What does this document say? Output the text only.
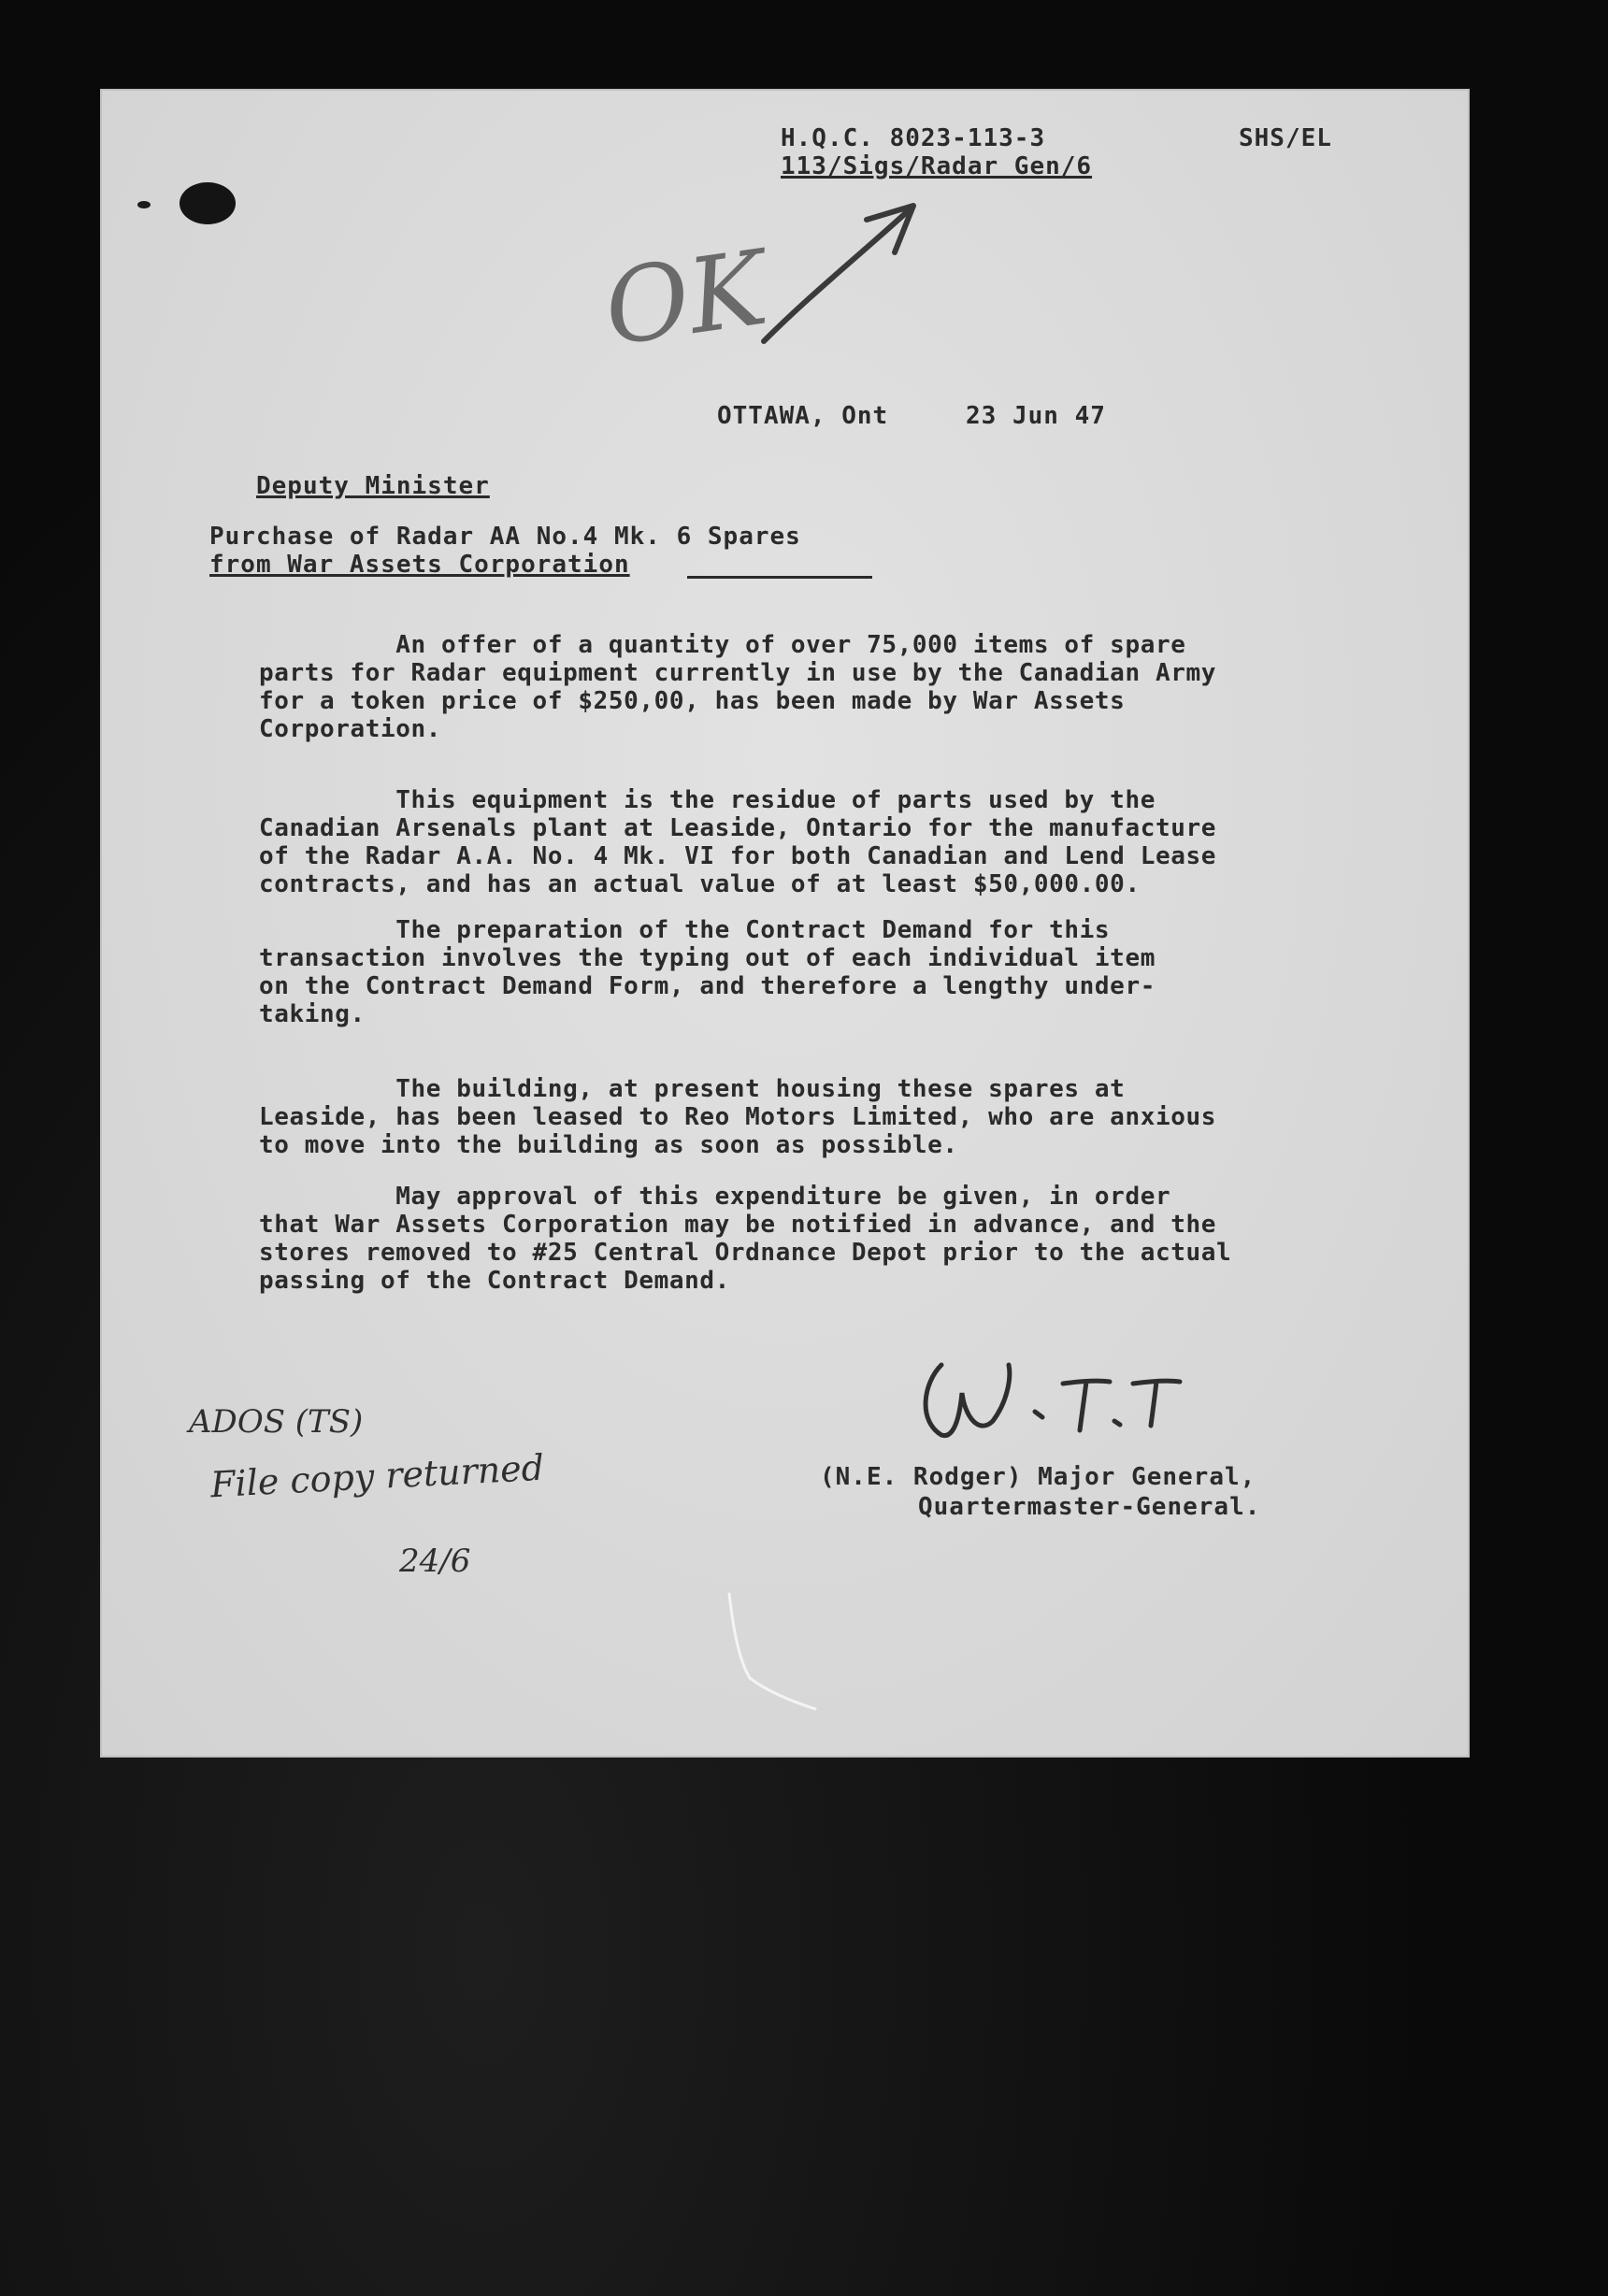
H.Q.C. 8023-113-3
113/Sigs/Radar Gen/6
SHS/EL
OK
OTTAWA, Ont	23 Jun 47
Deputy Minister
Purchase of Radar AA No.4 Mk. 6 Spares
from War Assets Corporation
An offer of a quantity of over 75,000 items of spare
parts for Radar equipment currently in use by the Canadian Army
for a token price of $250,00, has been made by War Assets
Corporation.
This equipment is the residue of parts used by the
Canadian Arsenals plant at Leaside, Ontario for the manufacture
of the Radar A.A. No. 4 Mk. VI for both Canadian and Lend Lease
contracts, and has an actual value of at least $50,000.00.
The preparation of the Contract Demand for this
transaction involves the typing out of each individual item
on the Contract Demand Form, and therefore a lengthy under-
taking.
The building, at present housing these spares at
Leaside, has been leased to Reo Motors Limited, who are anxious
to move into the building as soon as possible.
May approval of this expenditure be given, in order
that War Assets Corporation may be notified in advance, and the
stores removed to #25 Central Ordnance Depot prior to the actual
passing of the Contract Demand.
(N.E. Rodger) Major General,
Quartermaster-General.
ADOS (TS)
File copy returned
24/6
